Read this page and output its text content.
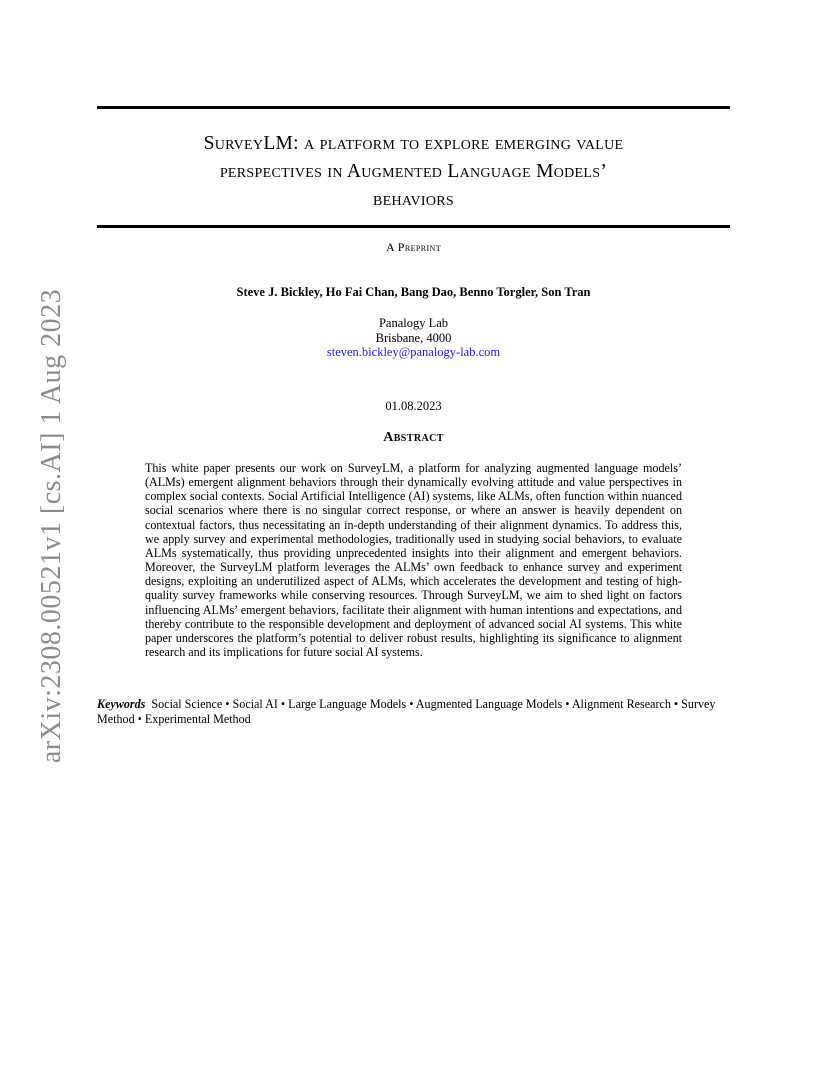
arXiv:2308.00521v1 [cs.AI] 1 Aug 2023
SurveyLM: a platform to explore emerging value
perspectives in Augmented Language Models’
behaviors
A Preprint
Steve J. Bickley, Ho Fai Chan, Bang Dao, Benno Torgler, Son Tran
Panalogy Lab
Brisbane, 4000
steven.bickley@panalogy-lab.com
01.08.2023
Abstract
This white paper presents our work on SurveyLM, a platform for analyzing augmented language models’ (ALMs) emergent alignment behaviors through their dynamically evolving attitude and value perspectives in complex social contexts. Social Artificial Intelligence (AI) systems, like ALMs, often function within nuanced social scenarios where there is no singular correct response, or where an answer is heavily dependent on contextual factors, thus necessitating an in-depth understanding of their alignment dynamics. To address this, we apply survey and experimental methodologies, traditionally used in studying social behaviors, to evaluate ALMs systematically, thus providing unprecedented insights into their alignment and emergent behaviors. Moreover, the SurveyLM platform leverages the ALMs’ own feedback to enhance survey and experiment designs, exploiting an underutilized aspect of ALMs, which accelerates the development and testing of high-quality survey frameworks while conserving resources. Through SurveyLM, we aim to shed light on factors influencing ALMs’ emergent behaviors, facilitate their alignment with human intentions and expectations, and thereby contribute to the responsible development and deployment of advanced social AI systems. This white paper underscores the platform’s potential to deliver robust results, highlighting its significance to alignment research and its implications for future social AI systems.
Keywords Social Science • Social AI • Large Language Models • Augmented Language Models • Alignment Research • Survey Method • Experimental Method
